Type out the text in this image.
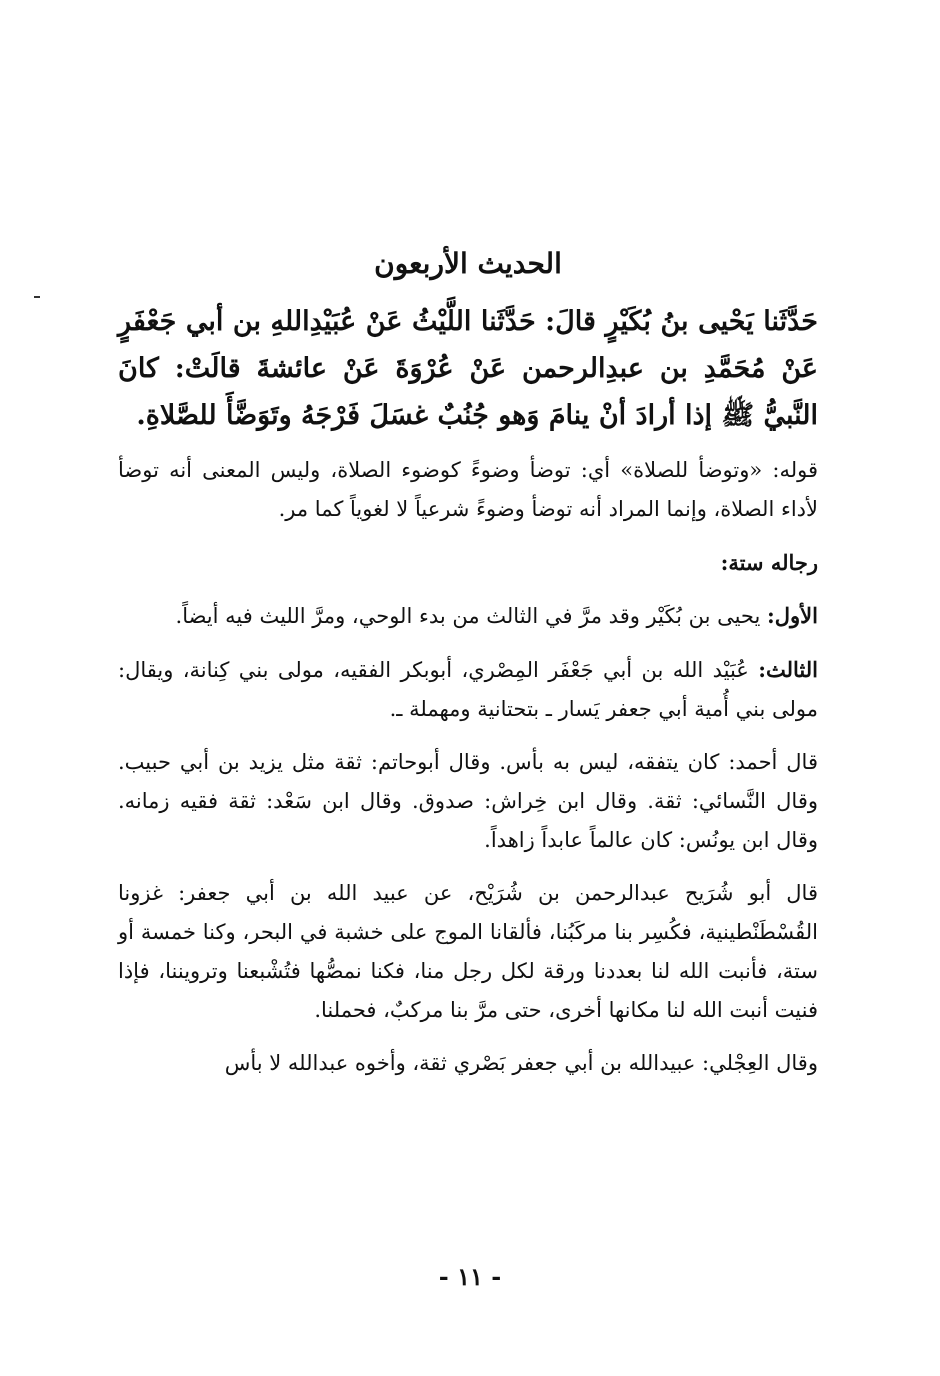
الحديث الأربعون

حَدَّثَنا يَحْيى بنُ بُكَيْرٍ قالَ: حَدَّثَنا اللَّيْثُ عَنْ عُبَيْدِاللهِ بن أبي جَعْفَرٍ عَنْ مُحَمَّدِ بن عبدِالرحمن عَنْ عُرْوَةَ عَنْ عائشةَ قالَتْ: كانَ النَّبيُّ ﷺ إذا أرادَ أنْ ينامَ وَهو جُنُبٌ غسَلَ فَرْجَهُ وتَوَضَّأَ للصَّلاةِ.

قوله: «وتوضأ للصلاة» أي: توضأ وضوءً كوضوء الصلاة، وليس المعنى أنه توضأ لأداء الصلاة، وإنما المراد أنه توضأ وضوءً شرعياً لا لغوياً كما مر.

رجاله ستة:

الأول: يحيى بن بُكَيْر وقد مرَّ في الثالث من بدء الوحي، ومرَّ الليث فيه أيضاً.

الثالث: عُبَيْد الله بن أبي جَعْفَر المِصْري، أبوبكر الفقيه، مولى بني كِنانة، ويقال: مولى بني أُمية أبي جعفر يَسار ـ بتحتانية ومهملة ـ.

قال أحمد: كان يتفقه، ليس به بأس. وقال أبوحاتم: ثقة مثل يزيد بن أبي حبيب. وقال النَّسائي: ثقة. وقال ابن خِراش: صدوق. وقال ابن سَعْد: ثقة فقيه زمانه. وقال ابن يونُس: كان عالماً عابداً زاهداً.

قال أبو شُرَيح عبدالرحمن بن شُرَيْح، عن عبيد الله بن أبي جعفر: غزونا القُسْطَنْطينية، فكُسِر بنا مركَبُنا، فألقانا الموج على خشبة في البحر، وكنا خمسة أو ستة، فأنبت الله لنا بعددنا ورقة لكل رجل منا، فكنا نمصُّها فتُشْبعنا وترويننا، فإذا فنيت أنبت الله لنا مكانها أخرى، حتى مرَّ بنا مركبٌ، فحملنا.

وقال العِجْلي: عبيدالله بن أبي جعفر بَصْري ثقة، وأخوه عبدالله لا بأس

- ١١ -
